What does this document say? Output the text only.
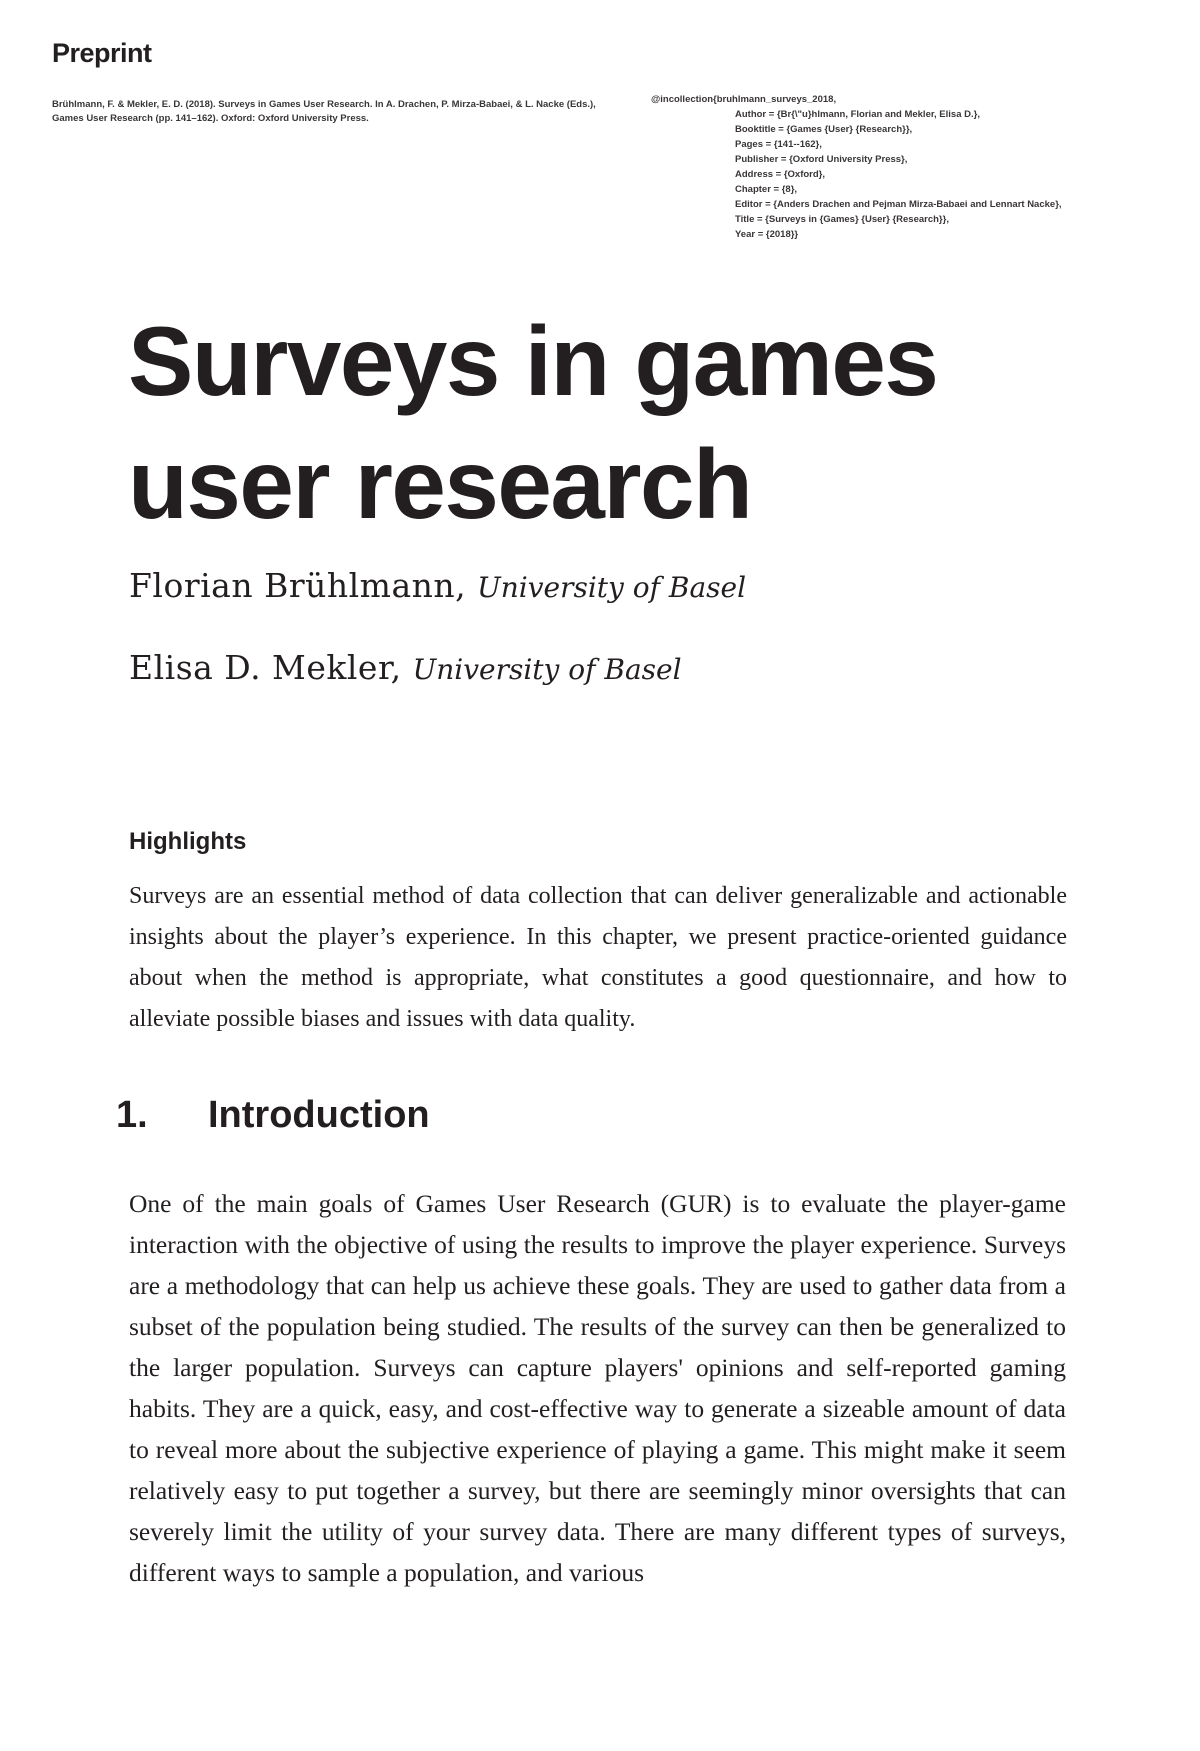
Preprint
Brühlmann, F. & Mekler, E. D. (2018). Surveys in Games User Research. In A. Drachen, P. Mirza-Babaei, & L. Nacke (Eds.), Games User Research (pp. 141–162). Oxford: Oxford University Press.
@incollection{bruhlmann_surveys_2018,
Author = {Br{\"u}hlmann, Florian and Mekler, Elisa D.},
Booktitle = {Games {User} {Research}},
Pages = {141--162},
Publisher = {Oxford University Press},
Address = {Oxford},
Chapter = {8},
Editor = {Anders Drachen and Pejman Mirza-Babaei and Lennart Nacke},
Title = {Surveys in {Games} {User} {Research}},
Year = {2018}}
Surveys in games
user research
Florian Brühlmann, University of Basel
Elisa D. Mekler, University of Basel
Highlights

Surveys are an essential method of data collection that can deliver generalizable and actionable insights about the player’s experience. In this chapter, we present practice-oriented guidance about when the method is appropriate, what constitutes a good questionnaire, and how to alleviate possible biases and issues with data quality.

1. Introduction

One of the main goals of Games User Research (GUR) is to evaluate the player-game interaction with the objective of using the results to improve the player experience. Surveys are a methodology that can help us achieve these goals. They are used to gather data from a subset of the population being studied. The results of the survey can then be generalized to the larger population. Surveys can capture players' opinions and self-reported gaming habits. They are a quick, easy, and cost-effective way to generate a sizeable amount of data to reveal more about the subjective experience of playing a game. This might make it seem relatively easy to put together a survey, but there are seemingly minor oversights that can severely limit the utility of your survey data. There are many different types of surveys, different ways to sample a population, and various
